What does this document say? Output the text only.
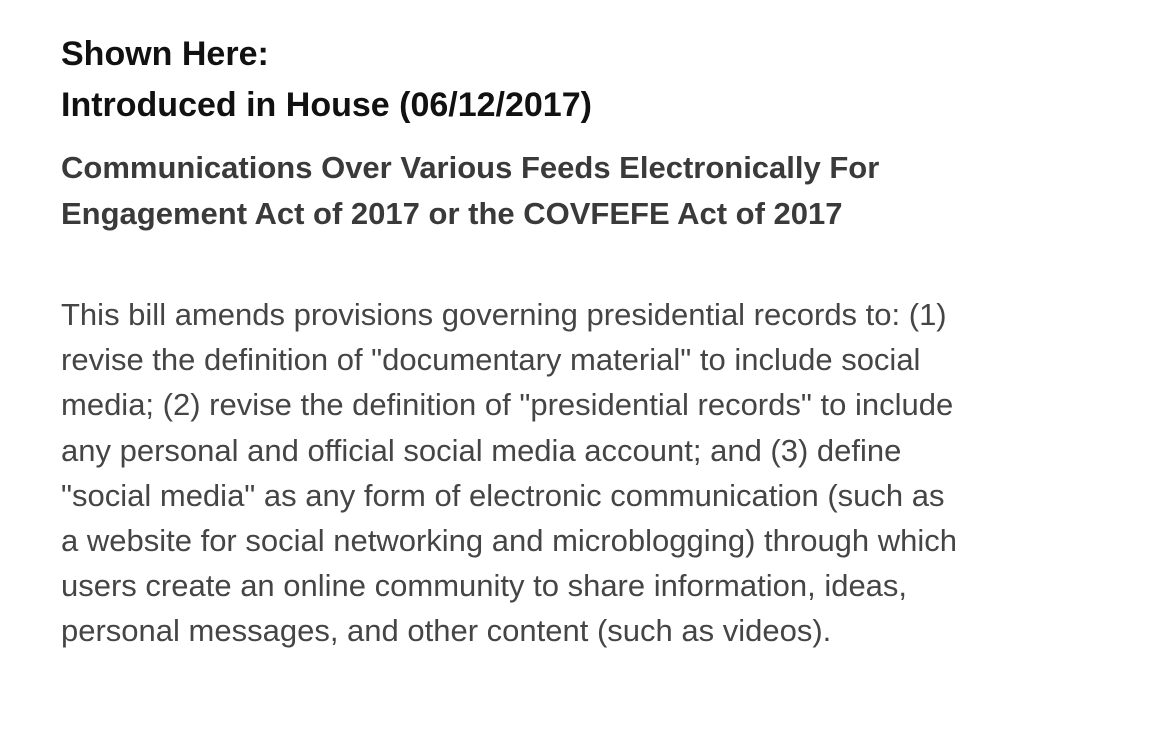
Shown Here:
Introduced in House (06/12/2017)
Communications Over Various Feeds Electronically For
Engagement Act of 2017 or the COVFEFE Act of 2017

This bill amends provisions governing presidential records to: (1)
revise the definition of "documentary material" to include social
media; (2) revise the definition of "presidential records" to include
any personal and official social media account; and (3) define
"social media" as any form of electronic communication (such as
a website for social networking and microblogging) through which
users create an online community to share information, ideas,
personal messages, and other content (such as videos).
